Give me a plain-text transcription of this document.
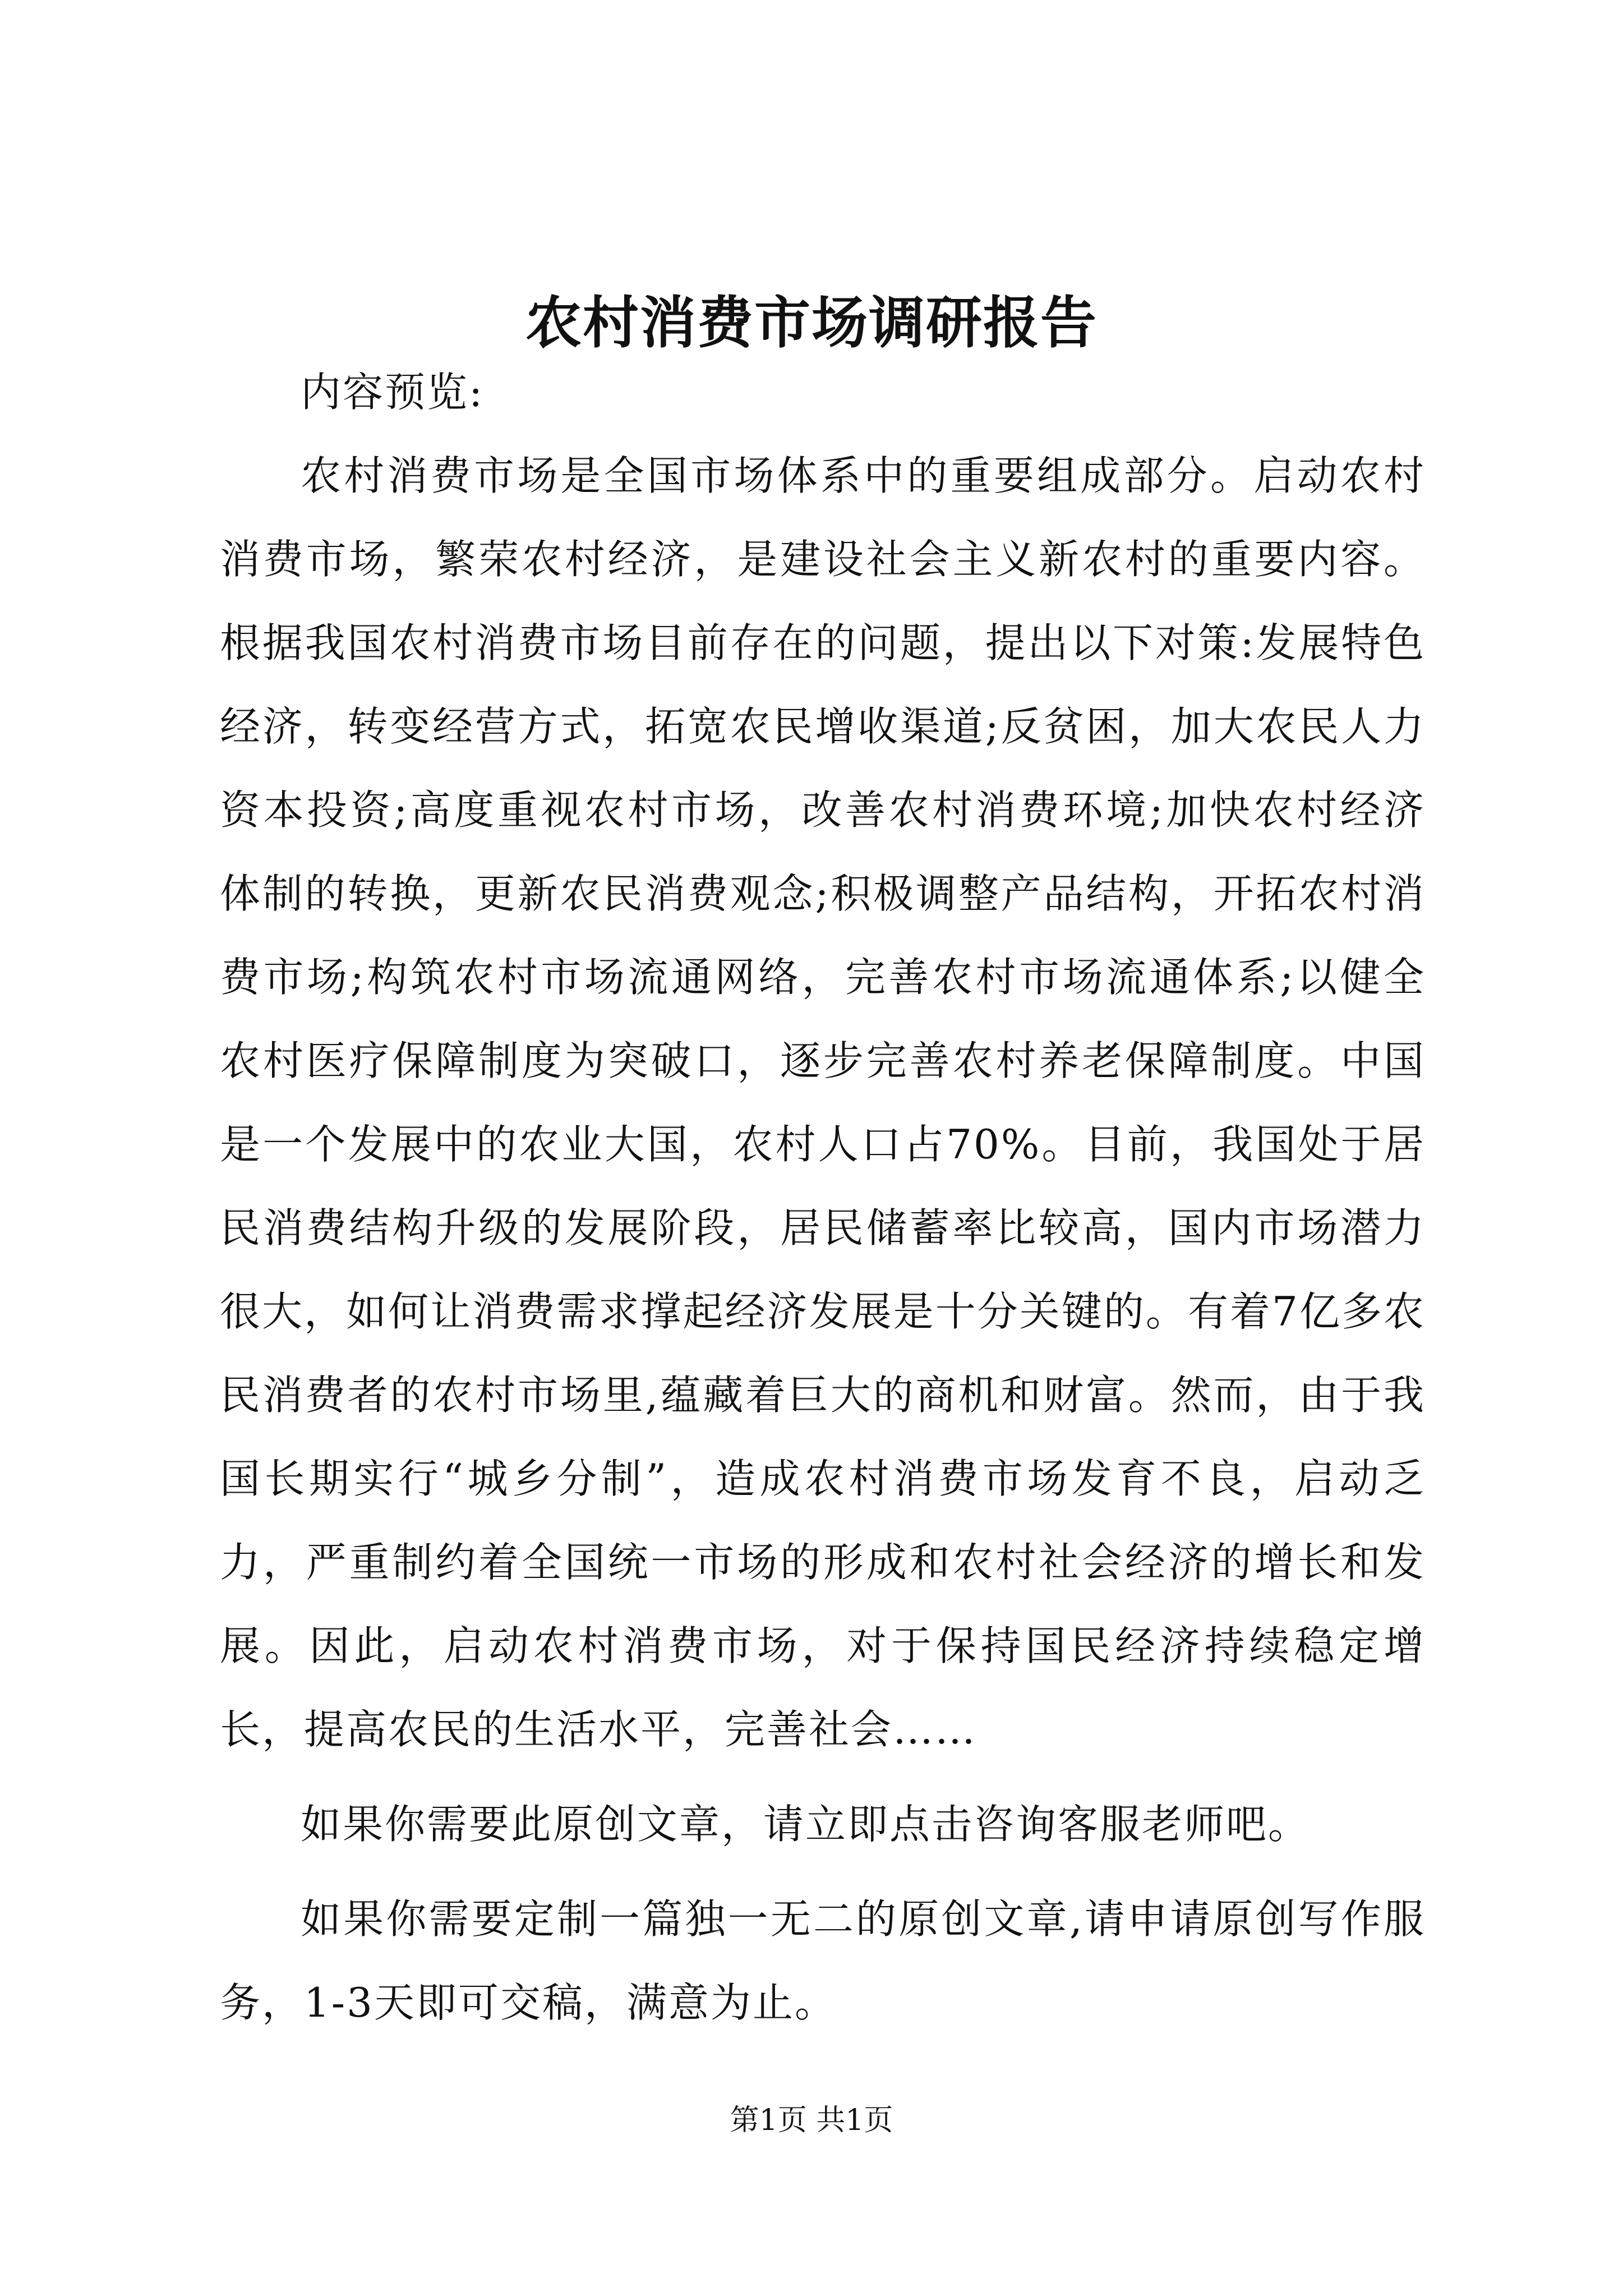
农村消费市场调研报告

内容预览:

农村消费市场是全国市场体系中的重要组成部分。启动农村消费市场，繁荣农村经济，是建设社会主义新农村的重要内容。根据我国农村消费市场目前存在的问题，提出以下对策:发展特色经济，转变经营方式，拓宽农民增收渠道;反贫困，加大农民人力资本投资;高度重视农村市场，改善农村消费环境;加快农村经济体制的转换，更新农民消费观念;积极调整产品结构，开拓农村消费市场;构筑农村市场流通网络，完善农村市场流通体系;以健全农村医疗保障制度为突破口，逐步完善农村养老保障制度。中国是一个发展中的农业大国，农村人口占70%。目前，我国处于居民消费结构升级的发展阶段，居民储蓄率比较高，国内市场潜力很大，如何让消费需求撑起经济发展是十分关键的。有着7亿多农民消费者的农村市场里,蕴藏着巨大的商机和财富。然而，由于我国长期实行“城乡分制”，造成农村消费市场发育不良，启动乏力，严重制约着全国统一市场的形成和农村社会经济的增长和发展。因此，启动农村消费市场，对于保持国民经济持续稳定增长，提高农民的生活水平，完善社会……

如果你需要此原创文章，请立即点击咨询客服老师吧。

如果你需要定制一篇独一无二的原创文章,请申请原创写作服务，1-3天即可交稿，满意为止。

第1页 共1页
